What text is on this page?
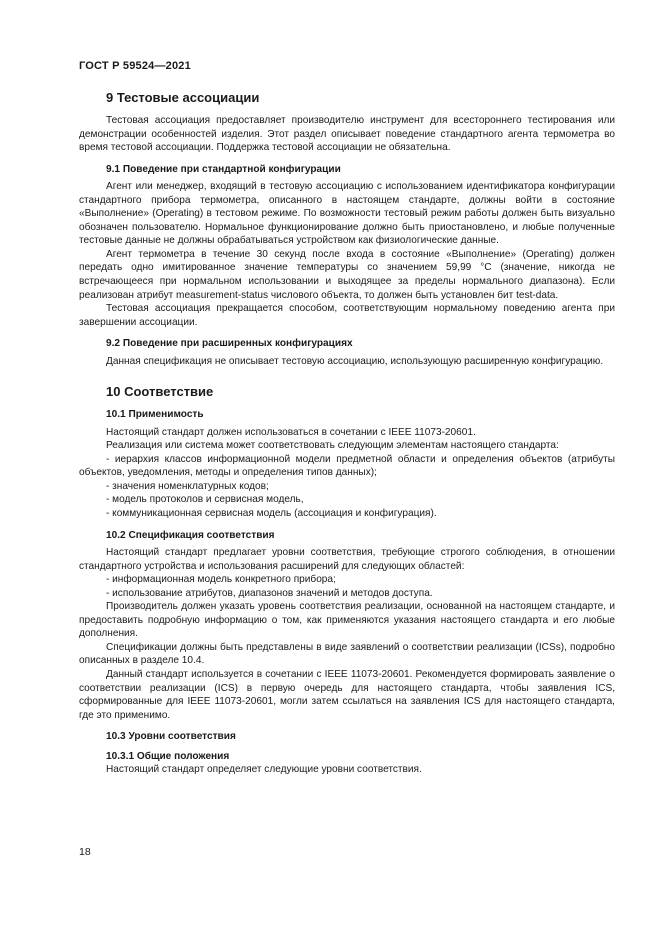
ГОСТ Р 59524—2021
9 Тестовые ассоциации

Тестовая ассоциация предоставляет производителю инструмент для всестороннего тестирования или демонстрации особенностей изделия. Этот раздел описывает поведение стандартного агента термометра во время тестовой ассоциации. Поддержка тестовой ассоциации не обязательна.

9.1 Поведение при стандартной конфигурации

Агент или менеджер, входящий в тестовую ассоциацию с использованием идентификатора конфигурации стандартного прибора термометра, описанного в настоящем стандарте, должны войти в состояние «Выполнение» (Operating) в тестовом режиме. По возможности тестовый режим работы должен быть визуально обозначен пользователю. Нормальное функционирование должно быть приостановлено, и любые полученные тестовые данные не должны обрабатываться устройством как физиологические данные.

Агент термометра в течение 30 секунд после входа в состояние «Выполнение» (Operating) должен передать одно имитированное значение температуры со значением 59,99 °С (значение, никогда не встречающееся при нормальном использовании и выходящее за пределы нормального диапазона). Если реализован атрибут measurement-status числового объекта, то должен быть установлен бит test-data.

Тестовая ассоциация прекращается способом, соответствующим нормальному поведению агента при завершении ассоциации.

9.2 Поведение при расширенных конфигурациях

Данная спецификация не описывает тестовую ассоциацию, использующую расширенную конфигурацию.

10 Соответствие
10.1 Применимость

Настоящий стандарт должен использоваться в сочетании с IEEE 11073-20601.

Реализация или система может соответствовать следующим элементам настоящего стандарта:

- иерархия классов информационной модели предметной области и определения объектов (атрибуты объектов, уведомления, методы и определения типов данных);

- значения номенклатурных кодов;

- модель протоколов и сервисная модель,

- коммуникационная сервисная модель (ассоциация и конфигурация).

10.2 Спецификация соответствия

Настоящий стандарт предлагает уровни соответствия, требующие строгого соблюдения, в отношении стандартного устройства и использования расширений для следующих областей:

- информационная модель конкретного прибора;

- использование атрибутов, диапазонов значений и методов доступа.

Производитель должен указать уровень соответствия реализации, основанной на настоящем стандарте, и предоставить подробную информацию о том, как применяются указания настоящего стандарта и его любые дополнения.

Спецификации должны быть представлены в виде заявлений о соответствии реализации (ICSs), подробно описанных в разделе 10.4.

Данный стандарт используется в сочетании с IEEE 11073-20601. Рекомендуется формировать заявление о соответствии реализации (ICS) в первую очередь для настоящего стандарта, чтобы заявления ICS, сформированные для IEEE 11073-20601, могли затем ссылаться на заявления ICS для настоящего стандарта, где это применимо.

10.3 Уровни соответствия
10.3.1 Общие положения

Настоящий стандарт определяет следующие уровни соответствия.

18
